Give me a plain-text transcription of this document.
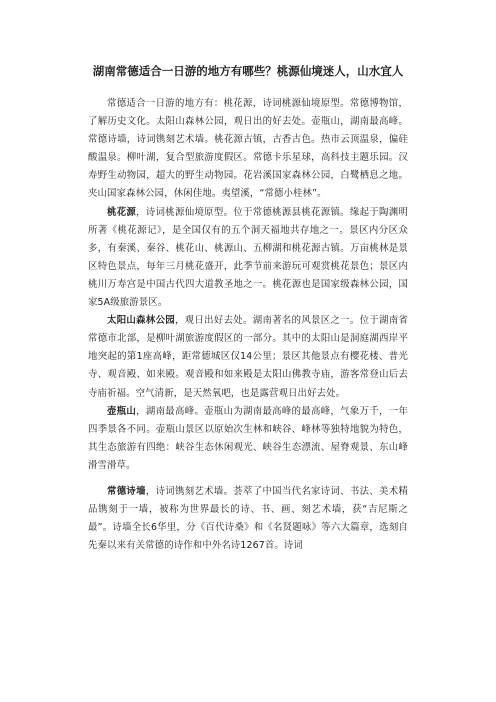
湖南常德适合一日游的地方有哪些？桃源仙境迷人，山水宜人

常德适合一日游的地方有：桃花源，诗词桃源仙境原型。常德博物馆，了解历史文化。太阳山森林公园，观日出的好去处。壶瓶山，湖南最高峰。常德诗墙，诗词镌刻艺术墙。桃花源古镇，古香古色。热市云顶温泉，偏硅酸温泉。柳叶湖，复合型旅游度假区。常德卡乐星球，高科技主题乐园。汉寿野生动物园，超大的野生动物园。花岩溪国家森林公园，白鹭栖息之地。夹山国家森林公园，休闲佳地。夷望溪，“常德小桂林”。

桃花源，诗词桃源仙境原型。位于常德桃源县桃花源镇。缘起于陶渊明所著《桃花源记》，是全国仅有的五个洞天福地共存地之一。景区内分区众多，有秦溪、秦谷、桃花山、桃源山、五柳湖和桃花源古镇。万亩桃林是景区特色景点，每年三月桃花盛开，此季节前来游玩可观赏桃花景色；景区内桃川万寿宫是中国古代四大道教圣地之一。桃花源也是国家级森林公园，国家5A级旅游景区。

太阳山森林公园，观日出好去处。湖南著名的风景区之一。位于湖南省常德市北部，是柳叶湖旅游度假区的一部分。其中的太阳山是洞庭湖西岸平地突起的第1座高峰，距常德城区仅14公里；景区其他景点有樱花楼、普光寺、观音殿、如来殿。观音殿和如来殿是太阳山佛教寺庙，游客常登山后去寺庙祈福。空气清新，是天然氧吧，也是露营观日出好去处。

壶瓶山，湖南最高峰。壶瓶山为湖南最高峰的最高峰，气象万千，一年四季景各不同。壶瓶山景区以原始次生林和峡谷、峰林等独特地貌为特色，其生态旅游有四绝：峡谷生态休闲观光、峡谷生态漂流、屋脊观景、东山峰滑雪滑草。

常德诗墙，诗词镌刻艺术墙。荟萃了中国当代名家诗词、书法、美术精品镌刻于一墙，被称为世界最长的诗、书、画、刻艺术墙，获“吉尼斯之最”。诗墙全长6华里，分《百代诗桑》和《名贤题咏》等六大篇章，选刻自先秦以来有关常德的诗作和中外名诗1267首。诗词
